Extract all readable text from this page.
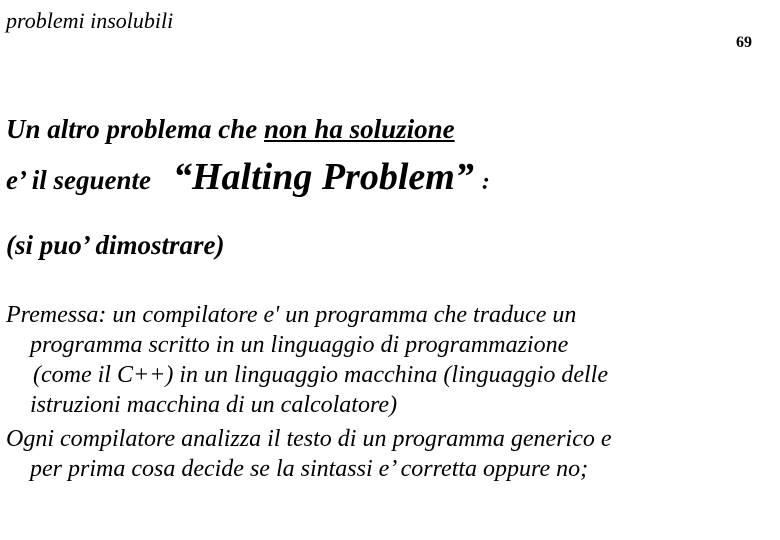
problemi insolubili
69
Un altro problema che non ha soluzione
e’ il seguente “Halting Problem” :
(si puo’ dimostrare)
Premessa: un compilatore e' un programma che traduce un
programma scritto in un linguaggio di programmazione
(come il C++) in un linguaggio macchina (linguaggio delle
istruzioni macchina di un calcolatore)
Ogni compilatore analizza il testo di un programma generico e
per prima cosa decide se la sintassi e’ corretta oppure no;
